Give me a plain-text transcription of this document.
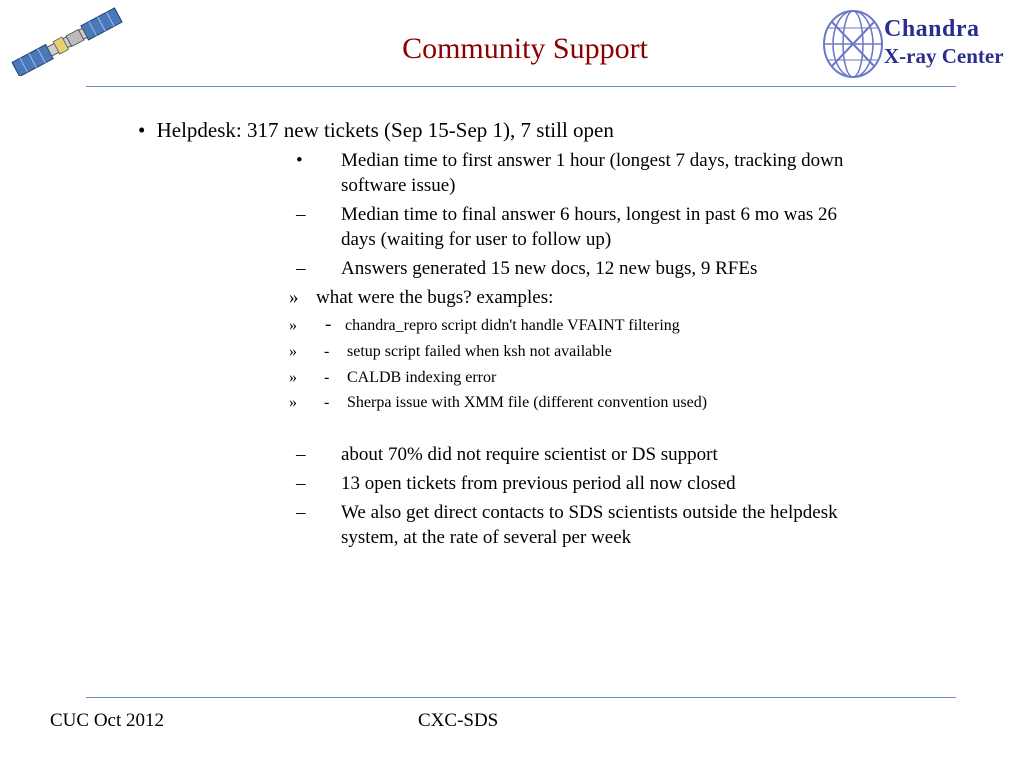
Community Support
Chandra
X-ray Center
• Helpdesk: 317 new tickets (Sep 15-Sep 1), 7 still open
• Median time to first answer 1 hour (longest 7 days, tracking down
software issue)
– Median time to final answer 6 hours, longest in past 6 mo was 26
days (waiting for user to follow up)
– Answers generated 15 new docs, 12 new bugs, 9 RFEs
» what were the bugs? examples:
» - chandra_repro script didn't handle VFAINT filtering
» - setup script failed when ksh not available
» - CALDB indexing error
» - Sherpa issue with XMM file (different convention used)
– about 70% did not require scientist or DS support
– 13 open tickets from previous period all now closed
– We also get direct contacts to SDS scientists outside the helpdesk
system, at the rate of several per week
CUC Oct 2012	CXC-SDS
